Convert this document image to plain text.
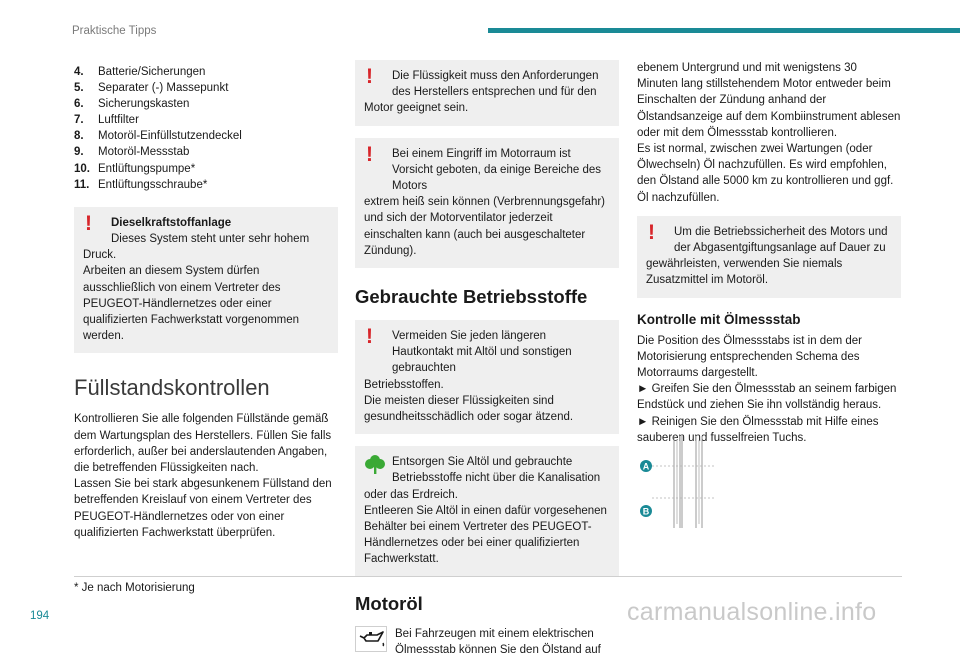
Praktische Tipps
4.	Batterie/Sicherungen
5.	Separater (-) Massepunkt
6.	Sicherungskasten
7.	Luftfilter
8.	Motoröl-Einfüllstutzendeckel
9.	Motoröl-Messstab
10. Entlüftungspumpe*
11. Entlüftungsschraube*
!	Dieselkraftstoffanlage
Dieses System steht unter sehr hohem
Druck.
Arbeiten an diesem System dürfen ausschließlich von einem Vertreter des PEUGEOT-Händlernetzes oder einer qualifizierten Fachwerkstatt vorgenommen werden.
Füllstandskontrollen

Kontrollieren Sie alle folgenden Füllstände gemäß dem Wartungsplan des Herstellers. Füllen Sie falls erforderlich, außer bei anderslautenden Angaben, die betreffenden Flüssigkeiten nach.
Lassen Sie bei stark abgesunkenem Füllstand den betreffenden Kreislauf von einem Vertreter des PEUGEOT-Händlernetzes oder von einer qualifizierten Fachwerkstatt überprüfen.

!	Die Flüssigkeit muss den Anforderungen des Herstellers entsprechen und für den
Motor geeignet sein.
!	Bei einem Eingriff im Motorraum ist Vorsicht geboten, da einige Bereiche des Motors
extrem heiß sein können (Verbrennungsgefahr) und sich der Motorventilator jederzeit einschalten kann (auch bei ausgeschalteter Zündung).
Gebrauchte Betriebsstoffe
!	Vermeiden Sie jeden längeren Hautkontakt mit Altöl und sonstigen gebrauchten
Betriebsstoffen.
Die meisten dieser Flüssigkeiten sind gesundheitsschädlich oder sogar ätzend.
Entsorgen Sie Altöl und gebrauchte Betriebsstoffe nicht über die Kanalisation
oder das Erdreich.
Entleeren Sie Altöl in einen dafür vorgesehenen Behälter bei einem Vertreter des PEUGEOT-Händlernetzes oder bei einer qualifizierten Fachwerkstatt.
Motoröl
Bei Fahrzeugen mit einem elektrischen Ölmessstab können Sie den Ölstand auf

ebenem Untergrund und mit wenigstens 30 Minuten lang stillstehendem Motor entweder beim Einschalten der Zündung anhand der Ölstandsanzeige auf dem Kombiinstrument ablesen oder mit dem Ölmessstab kontrollieren.
Es ist normal, zwischen zwei Wartungen (oder Ölwechseln) Öl nachzufüllen. Es wird empfohlen, den Ölstand alle 5000 km zu kontrollieren und ggf. Öl nachzufüllen.

!	Um die Betriebssicherheit des Motors und der Abgasentgiftungsanlage auf Dauer zu
gewährleisten, verwenden Sie niemals Zusatzmittel im Motoröl.
Kontrolle mit Ölmessstab

Die Position des Ölmessstabs ist in dem der Motorisierung entsprechenden Schema des Motorraums dargestellt.
► Greifen Sie den Ölmessstab an seinem farbigen Endstück und ziehen Sie ihn vollständig heraus.
► Reinigen Sie den Ölmessstab mit Hilfe eines sauberen und fusselfreien Tuchs.

A
B
* Je nach Motorisierung
194	carmanualsonline.info
